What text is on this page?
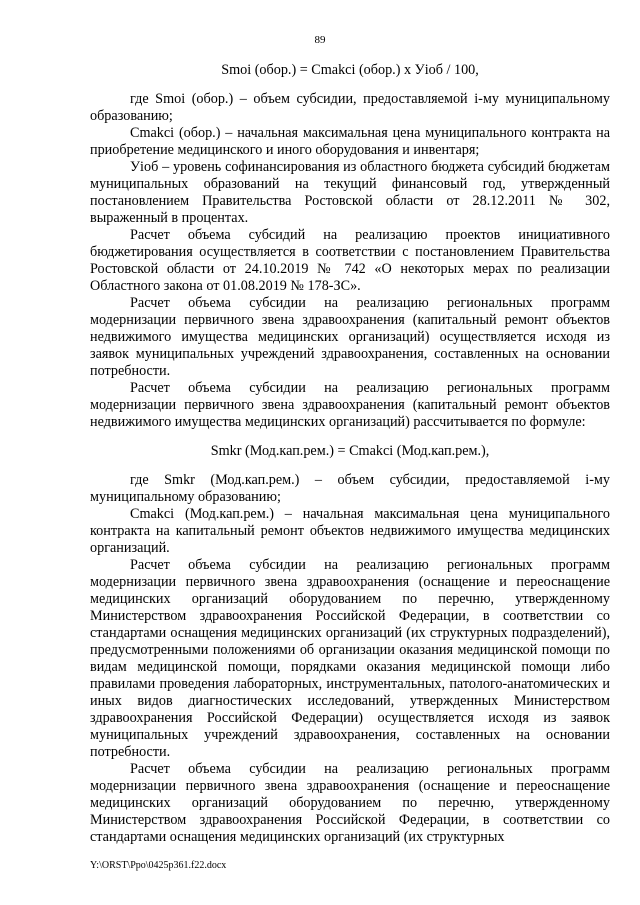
89
Smoi (обор.) = Cmakci (обор.) x Уioб / 100,

где Smoi (обор.) – объем субсидии, предоставляемой i-му муниципальному образованию;

Cmakci (обор.) – начальная максимальная цена муниципального контракта на приобретение медицинского и иного оборудования и инвентаря;

Уioб – уровень софинансирования из областного бюджета субсидий бюджетам муниципальных образований на текущий финансовый год, утвержденный постановлением Правительства Ростовской области от 28.12.2011 № 302, выраженный в процентах.

Расчет объема субсидий на реализацию проектов инициативного бюджетирования осуществляется в соответствии с постановлением Правительства Ростовской области от 24.10.2019 № 742 «О некоторых мерах по реализации Областного закона от 01.08.2019 № 178-ЗС».

Расчет объема субсидии на реализацию региональных программ модернизации первичного звена здравоохранения (капитальный ремонт объектов недвижимого имущества медицинских организаций) осуществляется исходя из заявок муниципальных учреждений здравоохранения, составленных на основании потребности.

Расчет объема субсидии на реализацию региональных программ модернизации первичного звена здравоохранения (капитальный ремонт объектов недвижимого имущества медицинских организаций) рассчитывается по формуле:

Smkr (Мод.кап.рем.) = Cmakci (Мод.кап.рем.),

где Smkr (Мод.кап.рем.) – объем субсидии, предоставляемой i-му муниципальному образованию;

Cmakci (Мод.кап.рем.) – начальная максимальная цена муниципального контракта на капитальный ремонт объектов недвижимого имущества медицинских организаций.

Расчет объема субсидии на реализацию региональных программ модернизации первичного звена здравоохранения (оснащение и переоснащение медицинских организаций оборудованием по перечню, утвержденному Министерством здравоохранения Российской Федерации, в соответствии со стандартами оснащения медицинских организаций (их структурных подразделений), предусмотренными положениями об организации оказания медицинской помощи по видам медицинской помощи, порядками оказания медицинской помощи либо правилами проведения лабораторных, инструментальных, патолого-анатомических и иных видов диагностических исследований, утвержденных Министерством здравоохранения Российской Федерации) осуществляется исходя из заявок муниципальных учреждений здравоохранения, составленных на основании потребности.

Расчет объема субсидии на реализацию региональных программ модернизации первичного звена здравоохранения (оснащение и переоснащение медицинских организаций оборудованием по перечню, утвержденному Министерством здравоохранения Российской Федерации, в соответствии со стандартами оснащения медицинских организаций (их структурных

Y:\ORST\Ppo\0425p361.f22.docx
